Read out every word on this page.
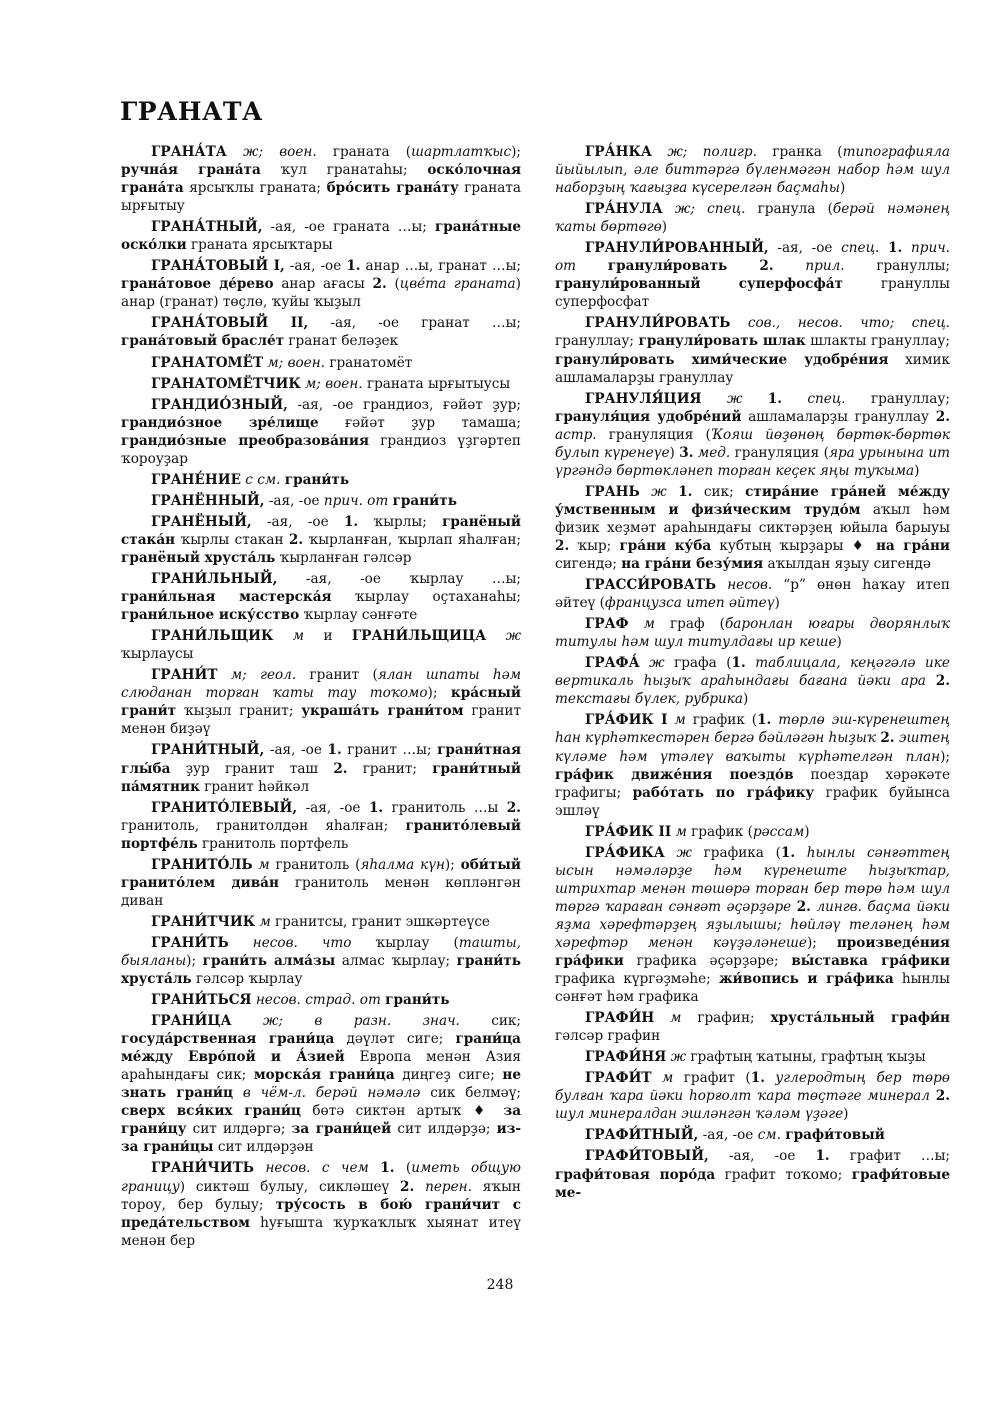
ГРАНАТА

ГРАНА́ТА ж; воен. граната (шартлатҡыс); ручна́я грана́та ҡул гранатаһы; оско́лочная грана́та ярсыҡлы граната; бро́сить грана́ту граната ырғытыу

ГРАНА́ТНЫЙ, -ая, -ое граната …ы; грана́тные оско́лки граната ярсыҡтары

ГРАНА́ТОВЫЙ I, -ая, -ое 1. анар …ы, гранат …ы; грана́товое де́рево анар ағасы 2. (цве́та граната) анар (гранат) төҫлө, ҡуйы ҡыҙыл

ГРАНА́ТОВЫЙ II, -ая, -ое гранат …ы; грана́товый брасле́т гранат беләҙек

ГРАНАТОМЁТ м; воен. гранатомёт

ГРАНАТОМЁТЧИК м; воен. граната ырғытыусы

ГРАНДИО́ЗНЫЙ, -ая, -ое грандиоз, ғәйәт ҙур; грандио́зное зре́лище ғәйәт ҙур тамаша; грандио́зные преобразова́ния грандиоз үҙгәртеп ҡороуҙар

ГРАНЕ́НИЕ с см. грани́ть

ГРАНЁННЫЙ, -ая, -ое прич. от грани́ть

ГРАНЁНЫЙ, -ая, -ое 1. ҡырлы; гранёный стака́н ҡырлы стакан 2. ҡырланған, ҡырлап яһалған; гранёный хруста́ль ҡырланған гәлсәр

ГРАНИ́ЛЬНЫЙ, -ая, -ое ҡырлау …ы; грани́льная мастерска́я ҡырлау оҫтаханаһы; грани́льное иску́сство ҡырлау сәнғәте

ГРАНИ́ЛЬЩИК м и ГРАНИ́ЛЬЩИЦА ж ҡырлаусы

ГРАНИ́Т м; геол. гранит (ялан шпаты һәм слюданан торған ҡаты тау тоҡомо); кра́сный грани́т ҡыҙыл гранит; украша́ть грани́том гранит менән биҙәү

ГРАНИ́ТНЫЙ, -ая, -ое 1. гранит …ы; грани́тная глы́ба ҙур гранит таш 2. гранит; грани́тный па́мятник гранит һәйкәл

ГРАНИТО́ЛЕВЫЙ, -ая, -ое 1. гранитоль …ы 2. гранитоль, гранитолдән яһалған; гранито́левый портфе́ль гранитоль портфель

ГРАНИТО́ЛЬ м гранитоль (яһалма күн); оби́тый гранито́лем дива́н гранитоль менән көпләнгән диван

ГРАНИ́ТЧИК м гранитсы, гранит эшкәртеүсе

ГРАНИ́ТЬ несов. что ҡырлау (ташты, быяланы); грани́ть алма́зы алмас ҡырлау; грани́ть хруста́ль гәлсәр ҡырлау

ГРАНИ́ТЬСЯ несов. страд. от грани́ть

ГРАНИ́ЦА ж; в разн. знач. сик; госуда́рственная грани́ца дәүләт сиге; грани́ца ме́жду Евро́пой и А́зией Европа менән Азия араһындағы сик; морска́я грани́ца диңгеҙ сиге; не знать грани́ц в чём-л. берәй нәмәлә сик белмәү; сверх вся́ких грани́ц бөтә сиктән артыҡ ♦ за грани́цу сит илдәргә; за грани́цей сит илдәрҙә; из-за грани́цы сит илдәрҙән

ГРАНИ́ЧИТЬ несов. с чем 1. (иметь общую границу) сиктәш булыу, сикләшеү 2. перен. яҡын тороу, бер булыу; тру́сость в бою́ грани́чит с преда́тельством һуғышта ҡурҡаҡлыҡ хыянат итеү менән бер

ГРА́НКА ж; полигр. гранка (типографияла йыйылып, әле биттәргә бүленмәгән набор һәм шул наборҙың ҡағыҙға күсерелгән баҫмаһы)

ГРА́НУЛА ж; спец. гранула (берәй нәмәнең ҡаты бөртөгө)

ГРАНУЛИ́РОВАННЫЙ, -ая, -ое спец. 1. прич. от гранули́ровать 2. прил. грануллы; гранули́рованный суперфосфа́т грануллы суперфосфат

ГРАНУЛИ́РОВАТЬ сов., несов. что; спец. грануллау; гранули́ровать шлак шлакты грануллау; гранули́ровать хими́ческие удобре́ния химик ашламаларҙы грануллау

ГРАНУЛЯ́ЦИЯ ж 1. спец. грануллау; грануля́ция удобре́ний ашламаларҙы грануллау 2. астр. грануляция (Ҡояш йөҙөнөң бөртөк-бөртөк булып күренеүе) 3. мед. грануляция (яра урынына ит үргәндә бөртөкләнеп торған кеҫек яңы туҡыма)

ГРАНЬ ж 1. сик; стира́ние гра́ней ме́жду у́мственным и физи́ческим трудо́м аҡыл һәм физик хеҙмәт араһындағы сиктәрҙең юйыла барыуы 2. ҡыр; гра́ни ку́ба кубтың ҡырҙары ♦ на гра́ни сигендә; на гра́ни безу́мия аҡылдан яҙыу сигендә

ГРАССИ́РОВАТЬ несов. “р” өнөн һаҡау итеп әйтеү (французса итеп әйтеү)

ГРАФ м граф (баронлан юғары дворянлыҡ титулы һәм шул титулдағы ир кеше)

ГРАФА́ ж графа (1. таблицала, кеңәгәлә ике вертикаль һыҙыҡ араһындағы бағана йәки ара 2. текстағы бүлек, рубрика)

ГРА́ФИК I м график (1. төрлө эш-күренештең һан күрһәткестәрен бергә бәйләгән һыҙыҡ 2. эштең күләме һәм үтәлеү ваҡыты күрһәтелгән план); гра́фик движе́ния поездо́в поездар хәрәкәте графигы; рабо́тать по гра́фику график буйынса эшләү

ГРА́ФИК II м график (рәссам)

ГРА́ФИКА ж графика (1. һынлы сәнғәттең ысын нәмәләрҙе һәм күренеште һыҙыҡтар, штрихтар менән төшөрә торған бер төрө һәм шул төргә ҡараған сәнғәт әҫәрҙәре 2. лингв. баҫма йәки яҙма хәрефтәрҙең яҙылышы; һөйләү теләнең һәм хәрефтәр менән кәүҙәләнешe); произведе́ния гра́фики графика әҫәрҙәре; вы́ставка гра́фики графика күргәҙмәһе; жи́вопись и гра́фика һынлы сәнғәт һәм графика

ГРАФИ́Н м графин; хруста́льный графи́н гәлсәр графин

ГРАФИ́НЯ ж графтың ҡатыны, графтың ҡыҙы

ГРАФИ́Т м графит (1. углеродтың бер төрө булған ҡара йәки һорғолт ҡара төҫтәге минерал 2. шул минералдан эшләнгән ҡәләм үҙәге)

ГРАФИ́ТНЫЙ, -ая, -ое см. графи́товый

ГРАФИ́ТОВЫЙ, -ая, -ое 1. графит …ы; графи́товая поро́да графит тоҡомо; графи́товые ме-

248
